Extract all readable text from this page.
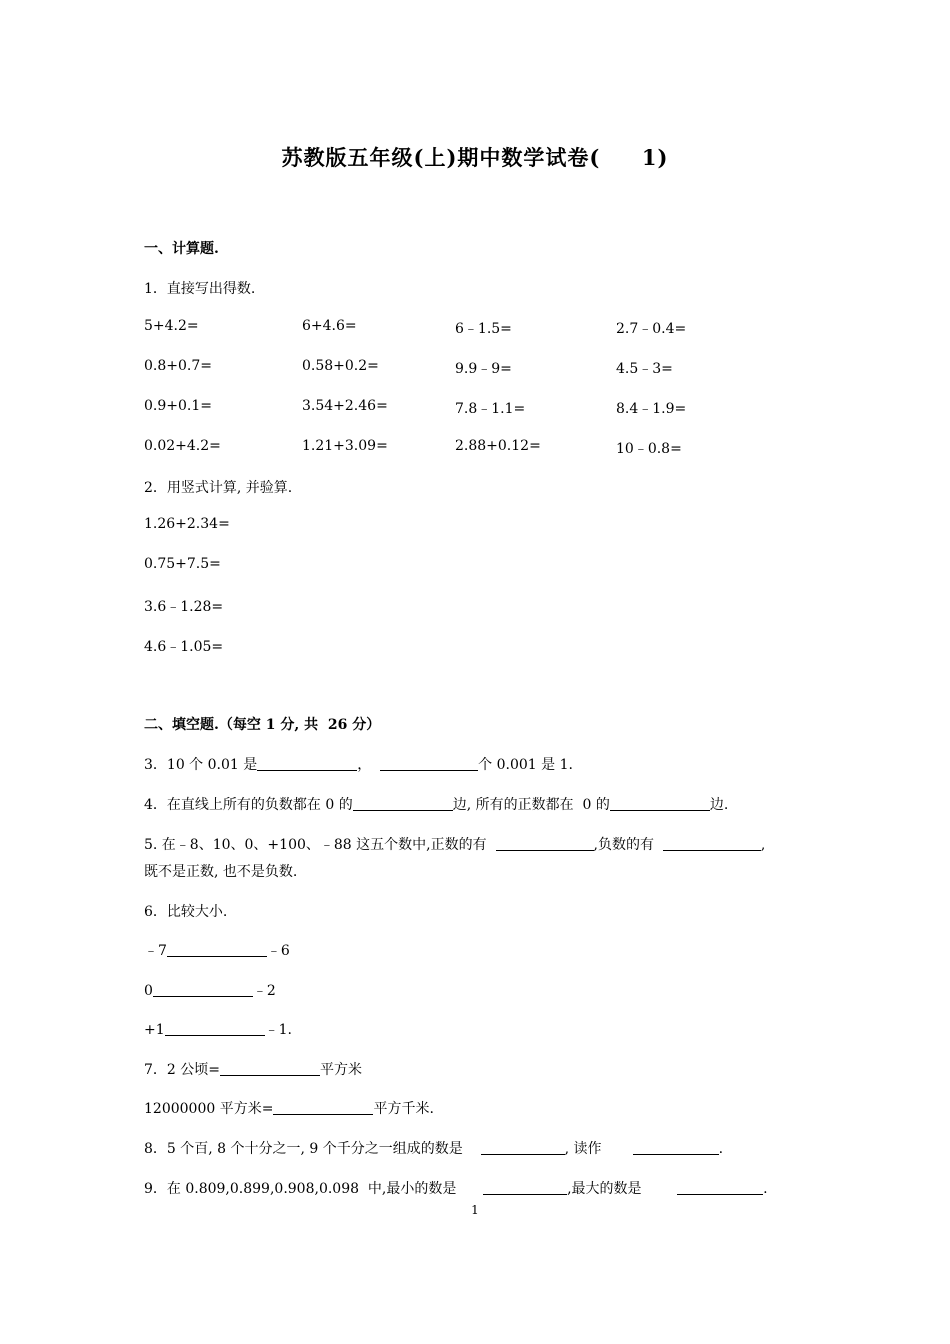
苏教版五年级(上)期中数学试卷(     1)
一、计算题.
1．直接写出得数.
5+4.2=	6+4.6=	6﹣1.5=	2.7﹣0.4=
0.8+0.7=	0.58+0.2=	9.9﹣9=	4.5﹣3=
0.9+0.1=	3.54+2.46=	7.8﹣1.1=	8.4﹣1.9=
0.02+4.2=	1.21+3.09=	2.88+0.12=	10﹣0.8=
2．用竖式计算, 并验算.
1.26+2.34=
0.75+7.5=
3.6﹣1.28=
4.6﹣1.05=
二、填空题.（每空 1 分, 共  26 分）
3．10 个 0.01 是	，	个 0.001 是 1.
4．在直线上所有的负数都在 0 的	边, 所有的正数都在  0 的	边.
5. 在﹣8、10、0、+100、﹣88 这五个数中,正数的有	,负数的有	,
既不是正数, 也不是负数.
6．比较大小.
﹣7	﹣6
0	﹣2
+1	﹣1.
7．2 公顷=	平方米
12000000 平方米=	平方千米.
8．5 个百, 8 个十分之一, 9 个千分之一组成的数是	, 读作	.
9．在 0.809,0.899,0.908,0.098  中,最小的数是	,最大的数是	.
1
